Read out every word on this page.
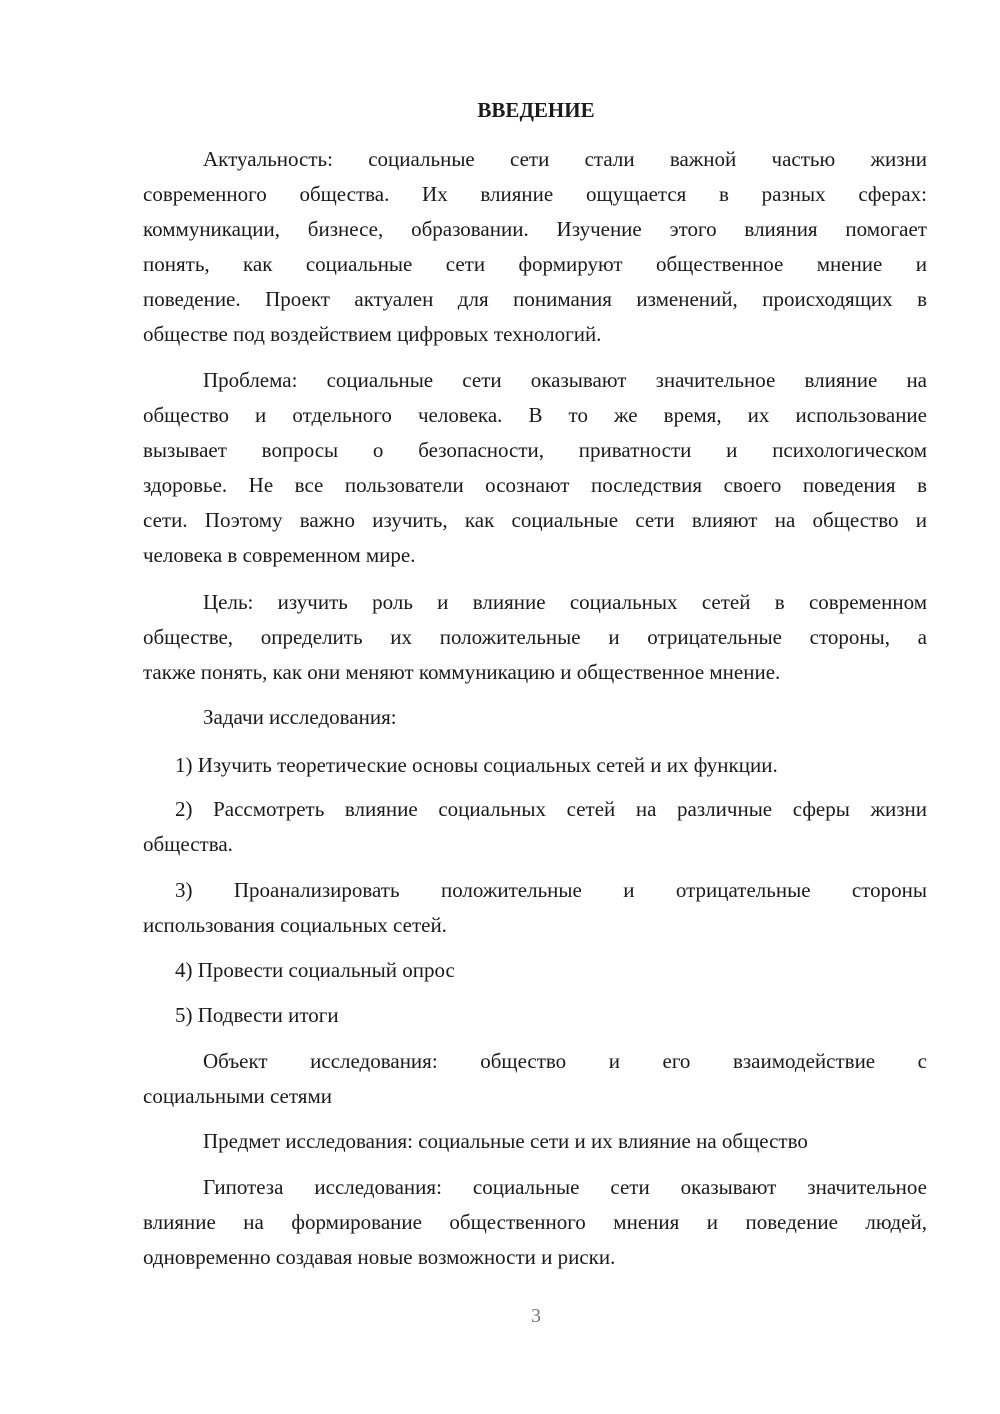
ВВЕДЕНИЕ
Актуальность: социальные сети стали важной частью жизни
современного общества. Их влияние ощущается в разных сферах:
коммуникации, бизнесе, образовании. Изучение этого влияния помогает
понять, как социальные сети формируют общественное мнение и
поведение. Проект актуален для понимания изменений, происходящих в
обществе под воздействием цифровых технологий.
Проблема: социальные сети оказывают значительное влияние на
общество и отдельного человека. В то же время, их использование
вызывает вопросы о безопасности, приватности и психологическом
здоровье. Не все пользователи осознают последствия своего поведения в
сети. Поэтому важно изучить, как социальные сети влияют на общество и
человека в современном мире.
Цель: изучить роль и влияние социальных сетей в современном
обществе, определить их положительные и отрицательные стороны, а
также понять, как они меняют коммуникацию и общественное мнение.
Задачи исследования:
1) Изучить теоретические основы социальных сетей и их функции.
2) Рассмотреть влияние социальных сетей на различные сферы жизни
общества.
3) Проанализировать положительные и отрицательные стороны
использования социальных сетей.
4) Провести социальный опрос
5) Подвести итоги
Объект исследования: общество и его взаимодействие с
социальными сетями
Предмет исследования: социальные сети и их влияние на общество
Гипотеза исследования: социальные сети оказывают значительное
влияние на формирование общественного мнения и поведение людей,
одновременно создавая новые возможности и риски.
3
